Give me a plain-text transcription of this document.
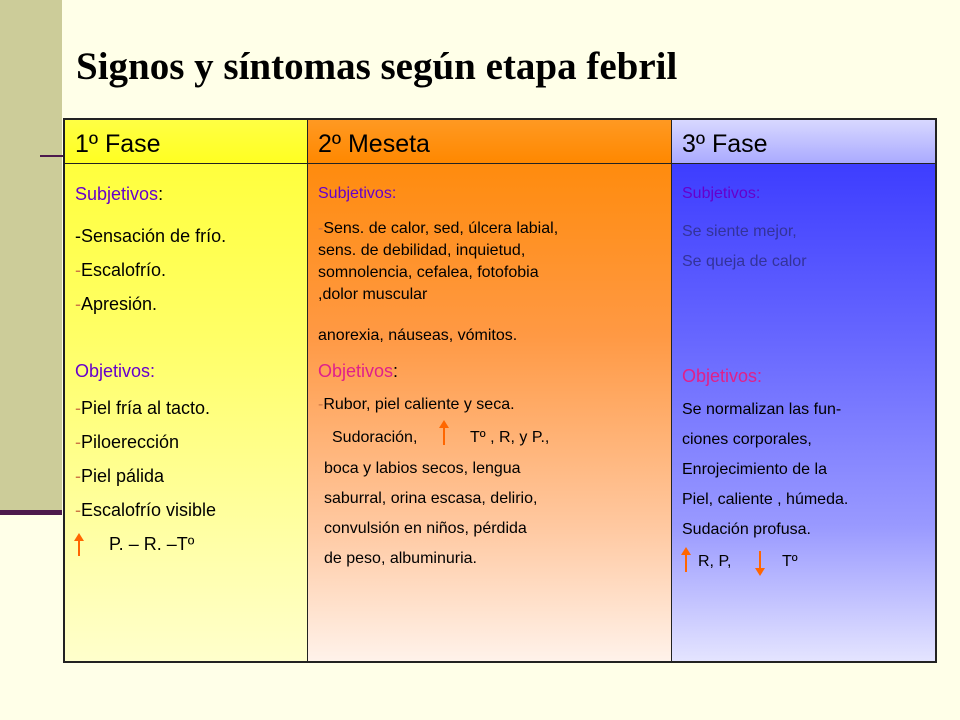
Signos y síntomas según etapa febril
1º Fase
Subjetivos:
-Sensación de frío.
-Escalofrío.
-Apresión.
Objetivos:
-Piel fría al tacto.
-Piloerección
-Piel pálida
-Escalofrío visible
P. – R. –Tº
2º Meseta
Subjetivos:
-Sens. de calor, sed, úlcera labial,
sens. de debilidad, inquietud,
somnolencia, cefalea, fotofobia
,dolor muscular
anorexia, náuseas, vómitos.
Objetivos:
-Rubor, piel caliente y seca.
Sudoración,	Tº , R, y P.,
boca y labios secos, lengua
saburral, orina escasa, delirio,
convulsión en niños, pérdida
de peso, albuminuria.
3º Fase
Subjetivos:
Se siente mejor,
Se queja de calor
Objetivos:
Se normalizan las fun-
ciones corporales,
Enrojecimiento de la
Piel, caliente , húmeda.
Sudación profusa.
R, P,	Tº
